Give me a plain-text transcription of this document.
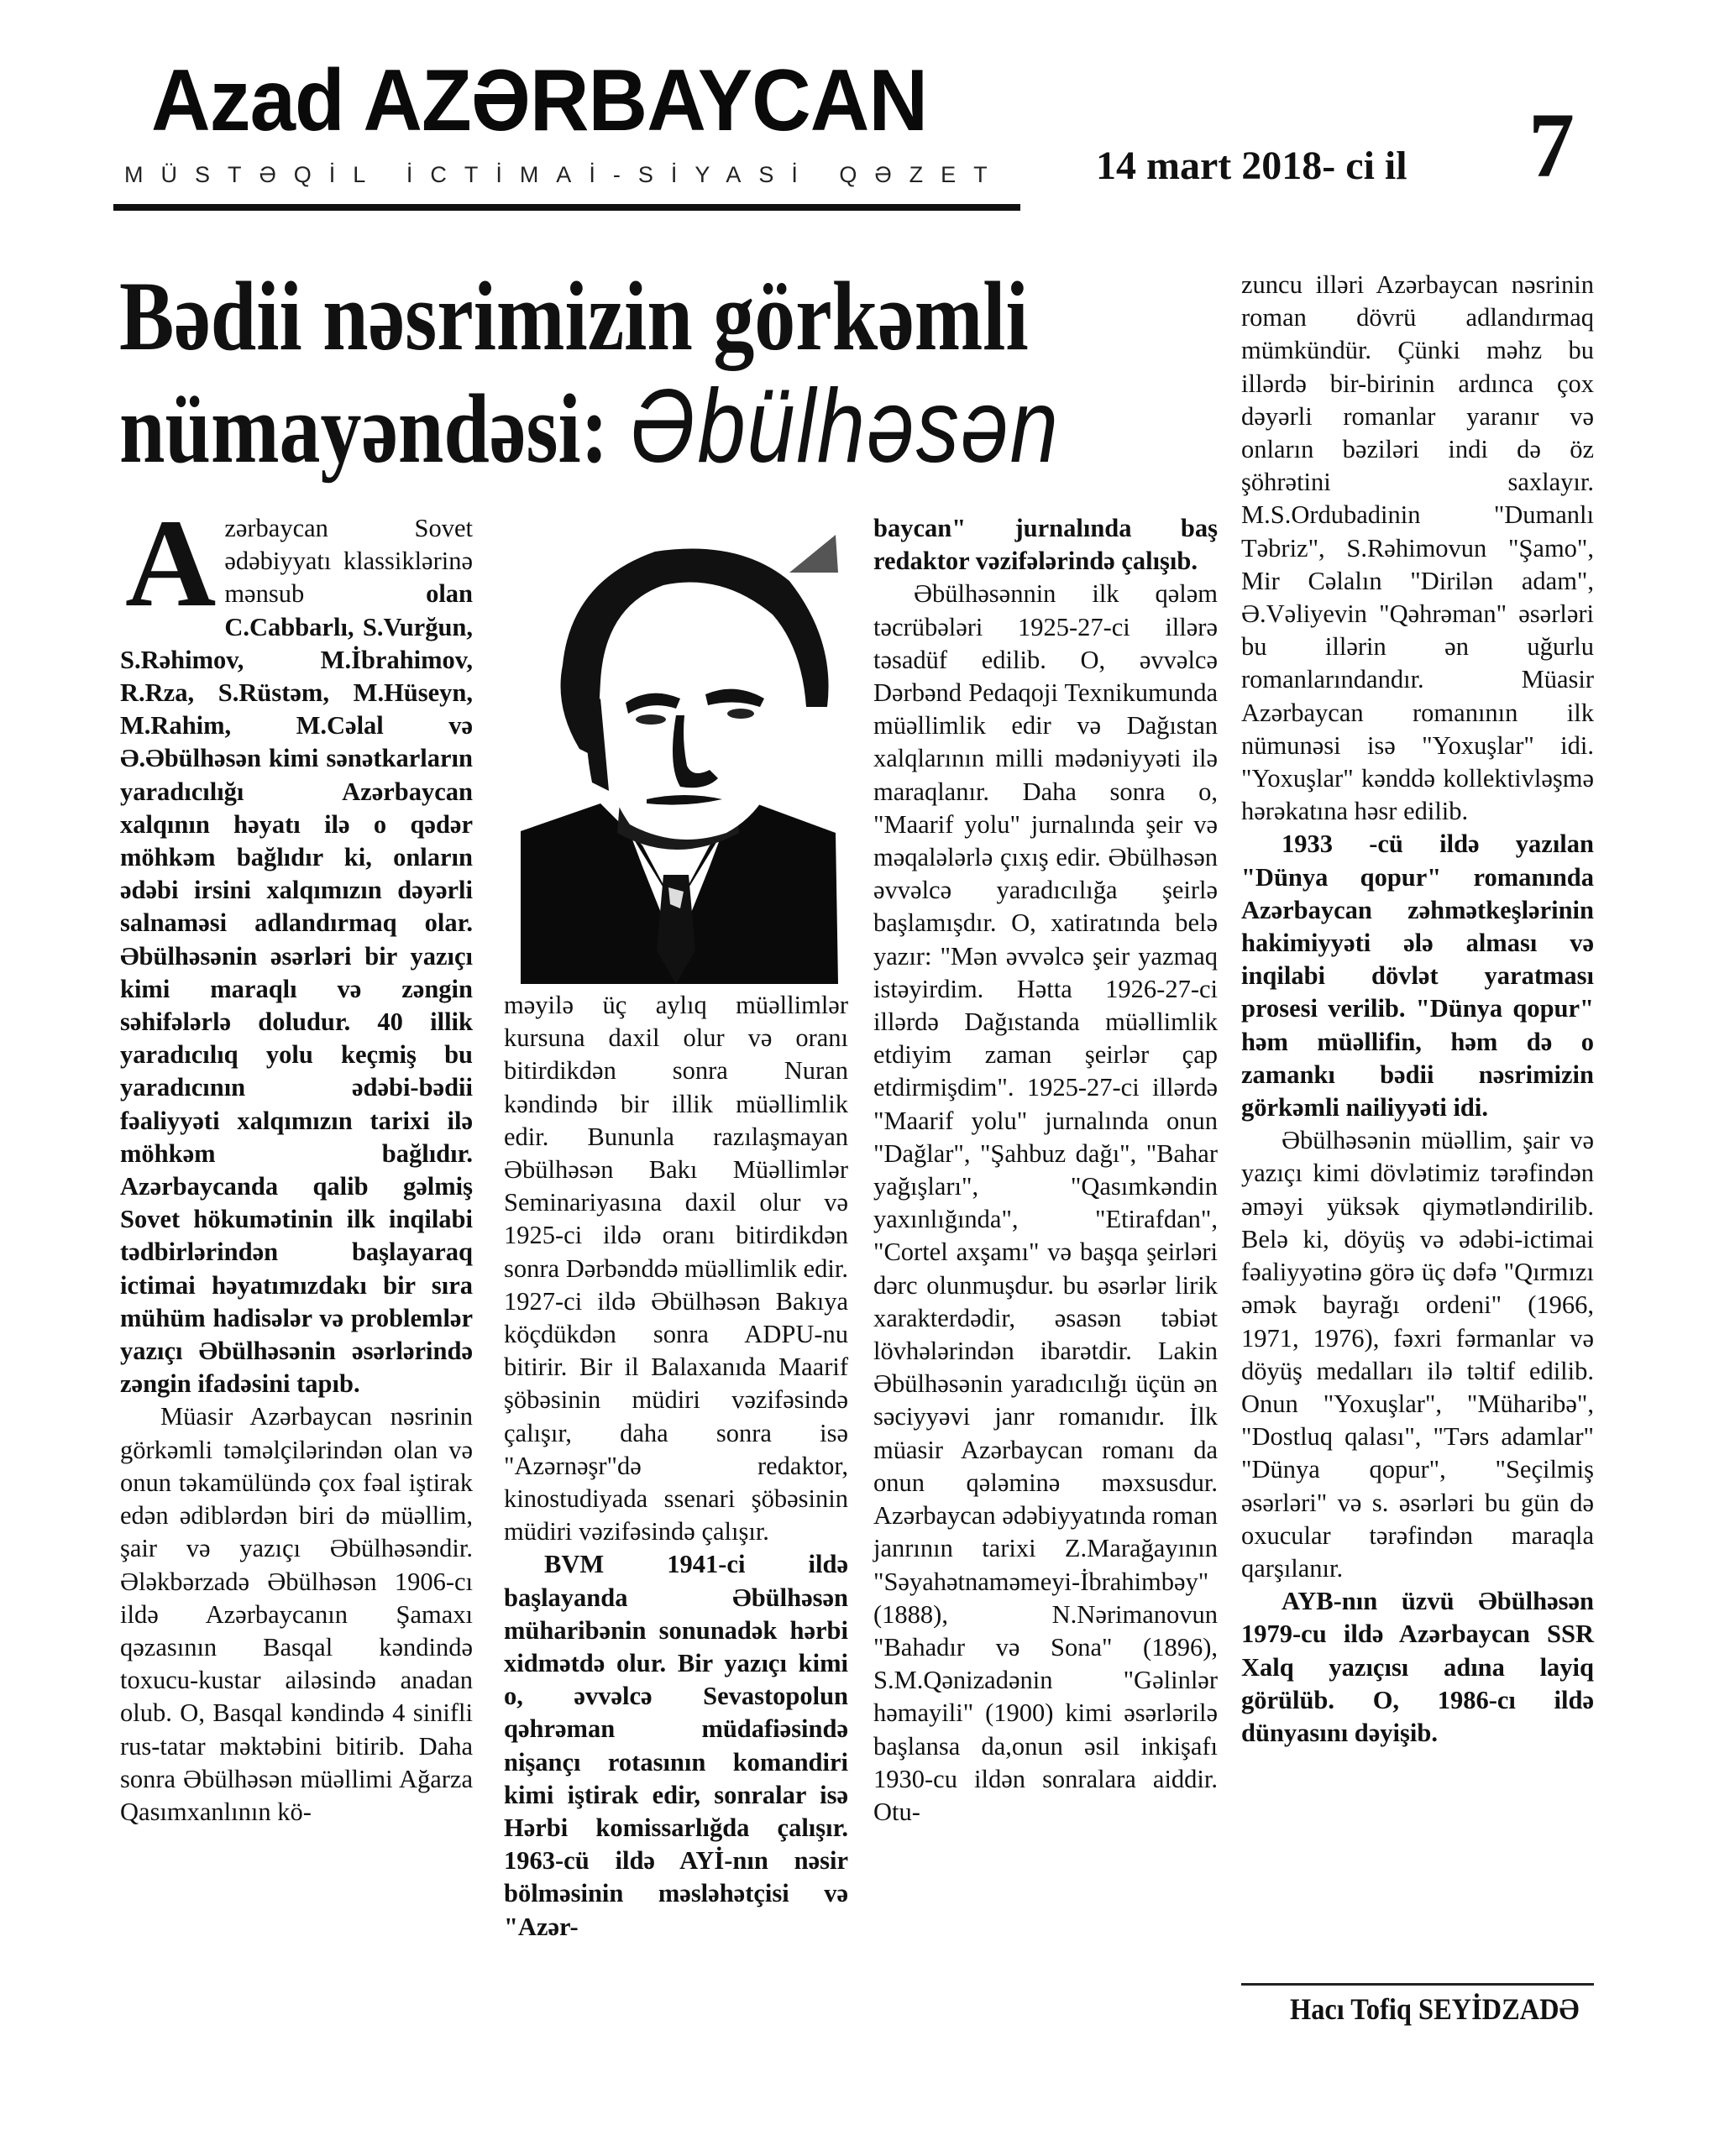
Azad AZƏRBAYCAN
MÜSTƏQİL İCTİMAİ-SİYASİ QƏZET 14 mart 2018- ci il 7
Bədii nəsrimizin görkəmli
nümayəndəsi: Əbülhəsən

Azərbaycan Sovet ədəbiyyatı klassiklərinə mənsub olan C.Cabbarlı, S.Vurğun, S.Rəhimov, M.İbrahimov, R.Rza, S.Rüstəm, M.Hüseyn, M.Rahim, M.Cəlal və Ə.Əbülhəsən kimi sənətkarların yaradıcılığı Azərbaycan xalqının həyatı ilə o qədər möhkəm bağlıdır ki, onların ədəbi irsini xalqımızın dəyərli salnaməsi adlandırmaq olar. Əbülhəsənin əsərləri bir yazıçı kimi maraqlı və zəngin səhifələrlə doludur. 40 illik yaradıcılıq yolu keçmiş bu yaradıcının ədəbi-bədii fəaliyyəti xalqımızın tarixi ilə möhkəm bağlıdır. Azərbaycanda qalib gəlmiş Sovet hökumətinin ilk inqilabi tədbirlərindən başlayaraq ictimai həyatımızdakı bir sıra mühüm hadisələr və problemlər yazıçı Əbülhəsənin əsərlərində zəngin ifadəsini tapıb.

Müasir Azərbaycan nəsrinin görkəmli təməlçilərindən olan və onun təkamülündə çox fəal iştirak edən ədiblərdən biri də müəllim, şair və yazıçı Əbülhəsəndir. Ələkbərzadə Əbülhəsən 1906-cı ildə Azərbaycanın Şamaxı qəzasının Basqal kəndində toxucu-kustar ailəsində anadan olub. O, Basqal kəndində 4 sinifli rus-tatar məktəbini bitirib. Daha sonra Əbülhəsən müəllimi Ağarza Qasımxanlının kö-

məyilə üç aylıq müəllimlər kursuna daxil olur və oranı bitirdikdən sonra Nuran kəndində bir illik müəllimlik edir. Bununla razılaşmayan Əbülhəsən Bakı Müəllimlər Seminariyasına daxil olur və 1925-ci ildə oranı bitirdikdən sonra Dərbənddə müəllimlik edir. 1927-ci ildə Əbülhəsən Bakıya köçdükdən sonra ADPU-nu bitirir. Bir il Balaxanıda Maarif şöbəsinin müdiri vəzifəsində çalışır, daha sonra isə "Azərnəşr"də redaktor, kinostudiyada ssenari şöbəsinin müdiri vəzifəsində çalışır.

BVM 1941-ci ildə başlayanda Əbülhəsən müharibənin sonunadək hərbi xidmətdə olur. Bir yazıçı kimi o, əvvəlcə Sevastopolun qəhrəman müdafiəsində nişançı rotasının komandiri kimi iştirak edir, sonralar isə Hərbi komissarlığda çalışır. 1963-cü ildə AYİ-nın nəsir bölməsinin məsləhətçisi və "Azər-

baycan" jurnalında baş redaktor vəzifələrində çalışıb.

Əbülhəsənnin ilk qələm təcrübələri 1925-27-ci illərə təsadüf edilib. O, əvvəlcə Dərbənd Pedaqoji Texnikumunda müəllimlik edir və Dağıstan xalqlarının milli mədəniyyəti ilə maraqlanır. Daha sonra o, "Maarif yolu" jurnalında şeir və məqalələrlə çıxış edir. Əbülhəsən əvvəlcə yaradıcılığa şeirlə başlamışdır. O, xatiratında belə yazır: "Mən əvvəlcə şeir yazmaq istəyirdim. Hətta 1926-27-ci illərdə Dağıstanda müəllimlik etdiyim zaman şeirlər çap etdirmişdim". 1925-27-ci illərdə "Maarif yolu" jurnalında onun "Dağlar", "Şahbuz dağı", "Bahar yağışları", "Qasımkəndin yaxınlığında", "Etirafdan", "Cortel axşamı" və başqa şeirləri dərc olunmuşdur. bu əsərlər lirik xarakterdədir, əsasən təbiət lövhələrindən ibarətdir. Lakin Əbülhəsənin yaradıcılığı üçün ən səciyyəvi janr romanıdır. İlk müasir Azərbaycan romanı da onun qələminə məxsusdur. Azərbaycan ədəbiyyatında roman janrının tarixi Z.Marağayının "Səyahətnaməmeyi-İbrahimbəy" (1888), N.Nərimanovun "Bahadır və Sona" (1896), S.M.Qənizadənin "Gəlinlər həmayili" (1900) kimi əsərlərilə başlansa da,onun əsil inkişafı 1930-cu ildən sonralara aiddir. Otu-

zuncu illəri Azərbaycan nəsrinin roman dövrü adlandırmaq mümkündür. Çünki məhz bu illərdə bir-birinin ardınca çox dəyərli romanlar yaranır və onların bəziləri indi də öz şöhrətini saxlayır. M.S.Ordubadinin "Dumanlı Təbriz", S.Rəhimovun "Şamo", Mir Cəlalın "Dirilən adam", Ə.Vəliyevin "Qəhrəman" əsərləri bu illərin ən uğurlu romanlarındandır. Müasir Azərbaycan romanının ilk nümunəsi isə "Yoxuşlar" idi. "Yoxuşlar" kənddə kollektivləşmə hərəkatına həsr edilib.

1933 -cü ildə yazılan "Dünya qopur" romanında Azərbaycan zəhmətkeşlərinin hakimiyyəti ələ alması və inqilabi dövlət yaratması prosesi verilib. "Dünya qopur" həm müəllifin, həm də o zamankı bədii nəsrimizin görkəmli nailiyyəti idi.

Əbülhəsənin müəllim, şair və yazıçı kimi dövlətimiz tərəfindən əməyi yüksək qiymətləndirilib. Belə ki, döyüş və ədəbi-ictimai fəaliyyətinə görə üç dəfə "Qırmızı əmək bayrağı ordeni" (1966, 1971, 1976), fəxri fərmanlar və döyüş medalları ilə təltif edilib. Onun "Yoxuşlar", "Müharibə", "Dostluq qalası", "Tərs adamlar" "Dünya qopur", "Seçilmiş əsərləri" və s. əsərləri bu gün də oxucular tərəfindən maraqla qarşılanır.

AYB-nın üzvü Əbülhəsən 1979-cu ildə Azərbaycan SSR Xalq yazıçısı adına layiq görülüb. O, 1986-cı ildə dünyasını dəyişib.

Hacı Tofiq SEYİDZADƏ
